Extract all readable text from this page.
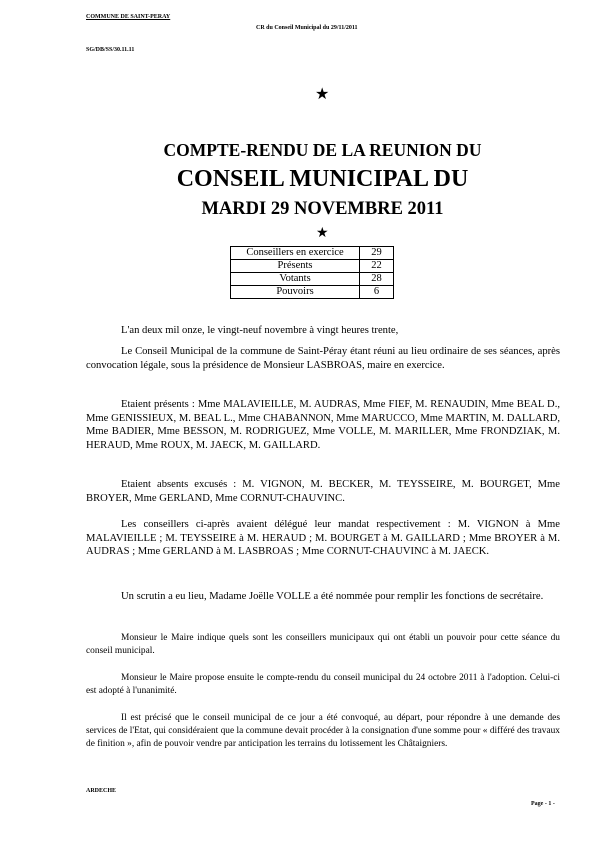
COMMUNE DE SAINT-PERAY
CR du Conseil Municipal du 29/11/2011
SG/DB/SS/30.11.11
★
COMPTE-RENDU DE LA REUNION DU
CONSEIL MUNICIPAL DU
MARDI 29 NOVEMBRE 2011
★
Conseillers en exercice	29
Présents	22
Votants	28
Pouvoirs	6
L'an deux mil onze, le vingt-neuf novembre à vingt heures trente,
Le Conseil Municipal de la commune de Saint-Péray étant réuni au lieu ordinaire de ses séances, après convocation légale, sous la présidence de Monsieur LASBROAS, maire en exercice.
Etaient présents : Mme MALAVIEILLE, M. AUDRAS, Mme FIEF, M. RENAUDIN, Mme BEAL D., Mme GENISSIEUX, M. BEAL L., Mme CHABANNON, Mme MARUCCO, Mme MARTIN, M. DALLARD, Mme BADIER, Mme BESSON, M. RODRIGUEZ, Mme VOLLE, M. MARILLER, Mme FRONDZIAK, M. HERAUD, Mme ROUX, M. JAECK, M. GAILLARD.
Etaient absents excusés : M. VIGNON, M. BECKER, M. TEYSSEIRE, M. BOURGET, Mme BROYER, Mme GERLAND, Mme CORNUT-CHAUVINC.
Les conseillers ci-après avaient délégué leur mandat respectivement : M. VIGNON à Mme MALAVIEILLE ; M. TEYSSEIRE à M. HERAUD ; M. BOURGET à M. GAILLARD ; Mme BROYER à M. AUDRAS ; Mme GERLAND à M. LASBROAS ; Mme CORNUT-CHAUVINC à M. JAECK.
Un scrutin a eu lieu, Madame Joëlle VOLLE a été nommée pour remplir les fonctions de secrétaire.
Monsieur le Maire indique quels sont les conseillers municipaux qui ont établi un pouvoir pour cette séance du conseil municipal.
Monsieur le Maire propose ensuite le compte-rendu du conseil municipal du 24 octobre 2011 à l'adoption. Celui-ci est adopté à l'unanimité.
Il est précisé que le conseil municipal de ce jour a été convoqué, au départ, pour répondre à une demande des services de l'Etat, qui considéraient que la commune devait procéder à la consignation d'une somme pour « différé des travaux de finition », afin de pouvoir vendre par anticipation les terrains du lotissement les Châtaigniers.
ARDECHE
Page - 1 -
